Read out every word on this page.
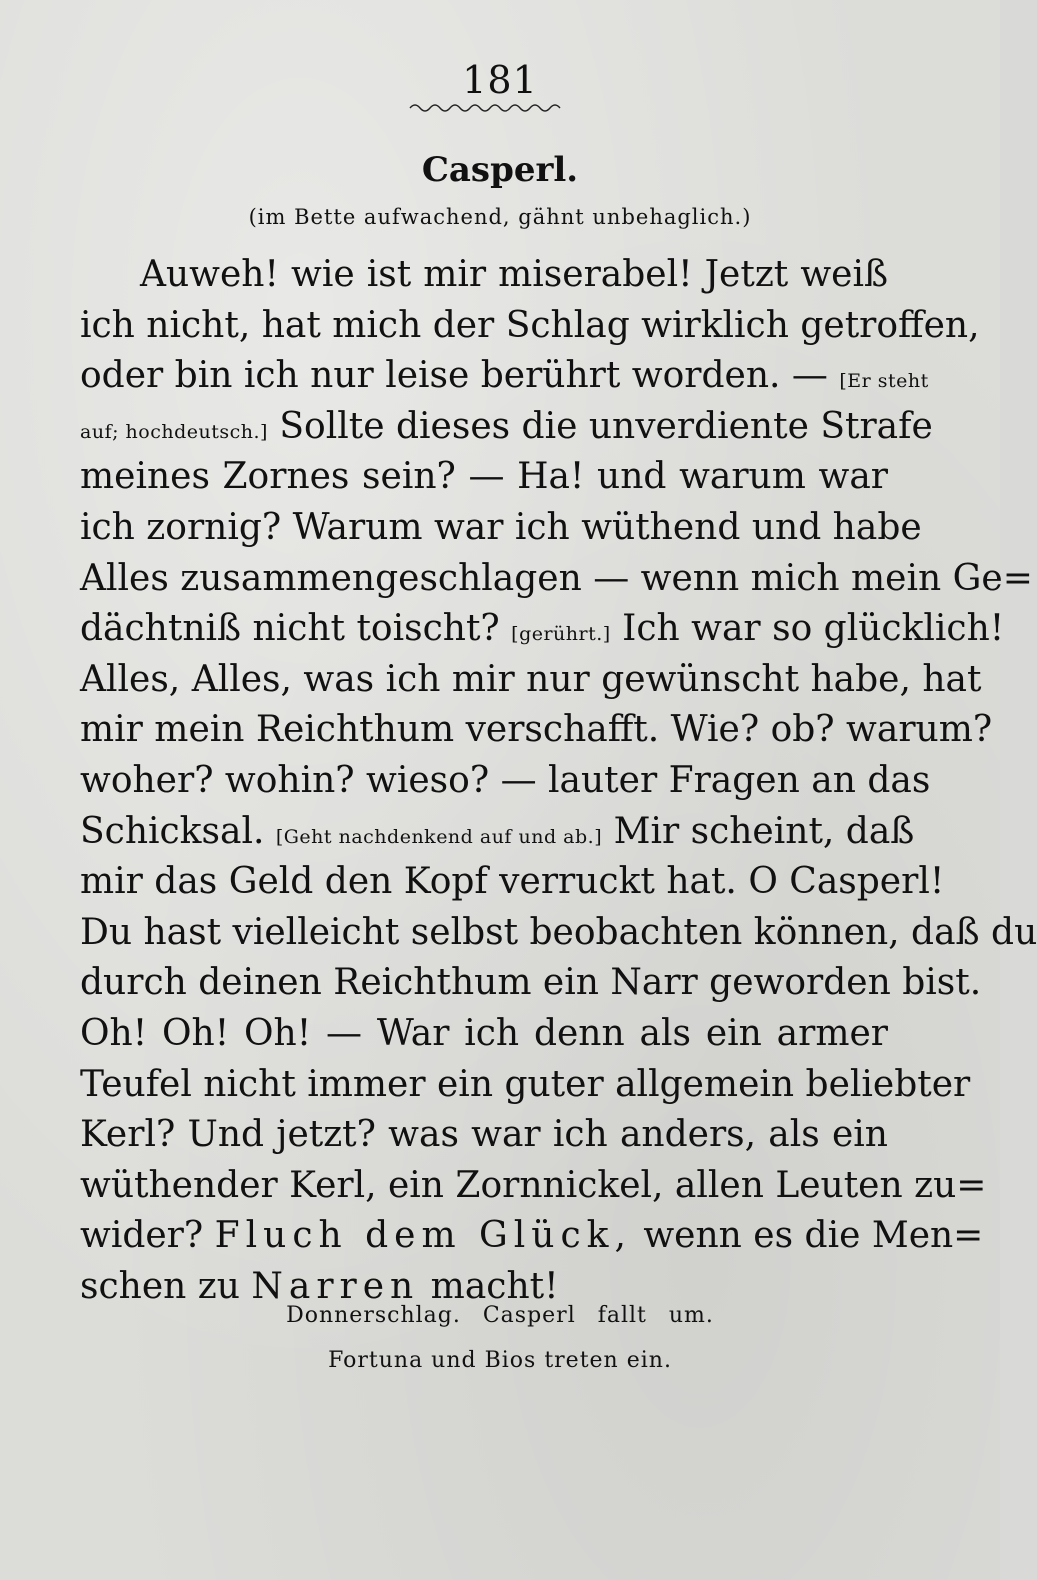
181
Casperl.
(im Bette aufwachend, gähnt unbehaglich.)
Auweh! wie ist mir miserabel! Jetzt weiß
ich nicht, hat mich der Schlag wirklich getroffen,
oder bin ich nur leise berührt worden. — [Er steht
auf; hochdeutsch.] Sollte dieses die unverdiente Strafe
meines Zornes sein? — Ha! und warum war
ich zornig? Warum war ich wüthend und habe
Alles zusammengeschlagen — wenn mich mein Ge=
dächtniß nicht toischt? [gerührt.] Ich war so glücklich!
Alles, Alles, was ich mir nur gewünscht habe, hat
mir mein Reichthum verschafft. Wie? ob? warum?
woher? wohin? wieso? — lauter Fragen an das
Schicksal. [Geht nachdenkend auf und ab.] Mir scheint, daß
mir das Geld den Kopf verruckt hat. O Casperl!
Du hast vielleicht selbst beobachten können, daß du
durch deinen Reichthum ein Narr geworden bist.
Oh! Oh! Oh! — War ich denn als ein armer
Teufel nicht immer ein guter allgemein beliebter
Kerl? Und jetzt? was war ich anders, als ein
wüthender Kerl, ein Zornnickel, allen Leuten zu=
wider? Fluch dem Glück, wenn es die Men=
schen zu Narren macht!
Donnerschlag. Casperl fallt um.
Fortuna und Bios treten ein.
